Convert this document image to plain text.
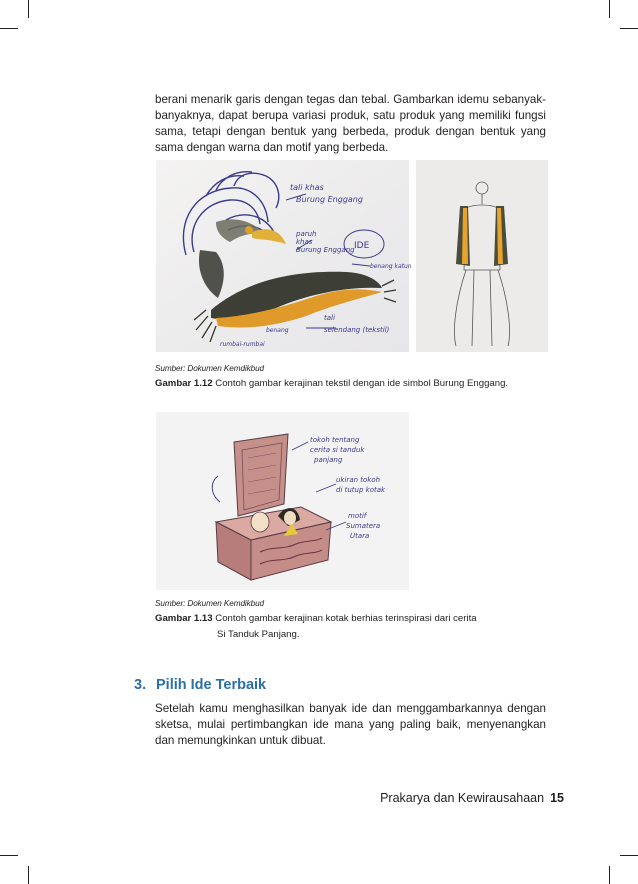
berani menarik garis dengan tegas dan tebal. Gambarkan idemu sebanyak-banyaknya, dapat berupa variasi produk, satu produk yang memiliki fungsi sama, tetapi dengan bentuk yang berbeda, produk dengan bentuk yang sama dengan warna dan motif yang berbeda.

tali khas
Burung Enggang
paruh
khas
Burung Enggang IDE
benang katun
tali
selendang (tekstil)
rumbai-rumbai
benang

Sumber: Dokumen Kemdikbud

Gambar 1.12 Contoh gambar kerajinan tekstil dengan ide simbol Burung Enggang.

tokoh tentang
cerita si tanduk
panjang
ukiran tokoh
di tutup kotak
motif
Sumatera
Utara

Sumber: Dokumen Kemdikbud

Gambar 1.13 Contoh gambar kerajinan kotak berhias terinspirasi dari cerita

Si Tanduk Panjang.

3. Pilih Ide Terbaik

Setelah kamu menghasilkan banyak ide dan menggambarkannya dengan sketsa, mulai pertimbangkan ide mana yang paling baik, menyenangkan dan memungkinkan untuk dibuat.

Prakarya dan Kewirausahaan 15
